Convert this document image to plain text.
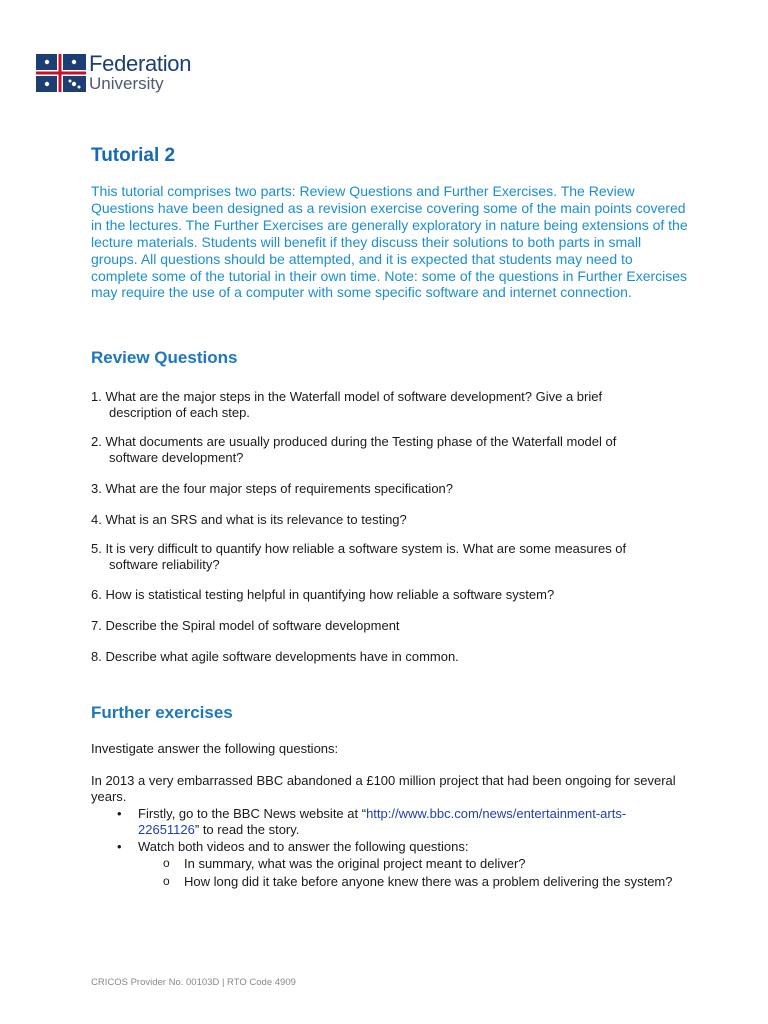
Federation
University
Tutorial 2

This tutorial comprises two parts: Review Questions and Further Exercises. The Review Questions have been designed as a revision exercise covering some of the main points covered in the lectures. The Further Exercises are generally exploratory in nature being extensions of the lecture materials. Students will benefit if they discuss their solutions to both parts in small groups. All questions should be attempted, and it is expected that students may need to complete some of the tutorial in their own time. Note: some of the questions in Further Exercises may require the use of a computer with some specific software and internet connection.

Review Questions
1. What are the major steps in the Waterfall model of software development? Give a brief
description of each step.
2. What documents are usually produced during the Testing phase of the Waterfall model of
software development?
3. What are the four major steps of requirements specification?
4. What is an SRS and what is its relevance to testing?
5. It is very difficult to quantify how reliable a software system is. What are some measures of
software reliability?
6. How is statistical testing helpful in quantifying how reliable a software system?
7. Describe the Spiral model of software development
8. Describe what agile software developments have in common.
Further exercises

Investigate answer the following questions:

In 2013 a very embarrassed BBC abandoned a £100 million project that had been ongoing for several years.

• Firstly, go to the BBC News website at “http://www.bbc.com/news/entertainment-arts-22651126” to read the story.
• Watch both videos and to answer the following questions:
o In summary, what was the original project meant to deliver?
o How long did it take before anyone knew there was a problem delivering the system?
CRICOS Provider No. 00103D | RTO Code 4909
